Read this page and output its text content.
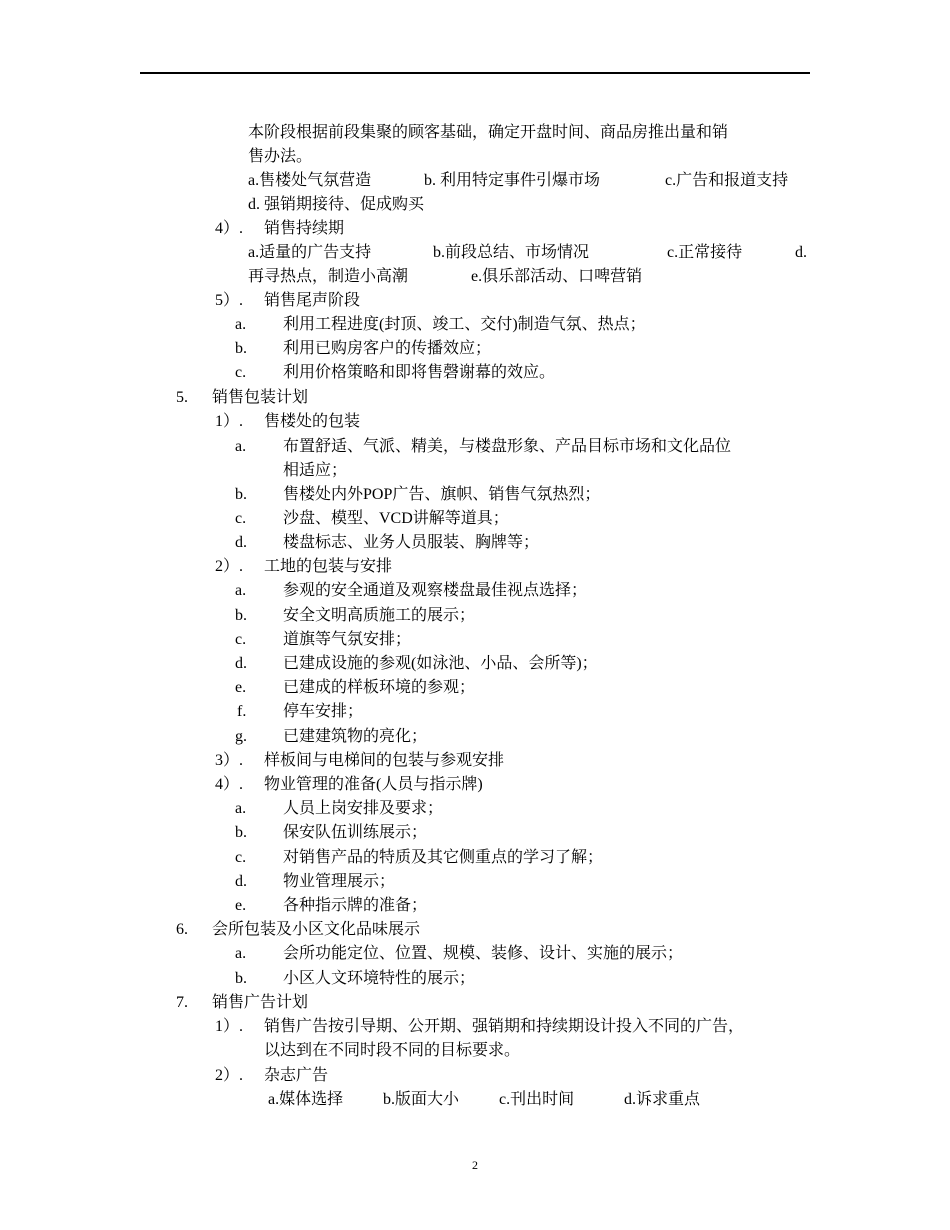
本阶段根据前段集聚的顾客基础，确定开盘时间、商品房推出量和销
售办法。
a.售楼处气氛营造	b. 利用特定事件引爆市场	c.广告和报道支持
d. 强销期接待、促成购买
4）. 销售持续期
a.适量的广告支持	b.前段总结、市场情况	c.正常接待	d.
再寻热点，制造小高潮	e.俱乐部活动、口啤营销
5）. 销售尾声阶段
a. 利用工程进度(封顶、竣工、交付)制造气氛、热点；
b. 利用已购房客户的传播效应；
c. 利用价格策略和即将售磬谢幕的效应。
5. 销售包装计划
1）. 售楼处的包装
a. 布置舒适、气派、精美，与楼盘形象、产品目标市场和文化品位
相适应；
b. 售楼处内外POP广告、旗帜、销售气氛热烈；
c. 沙盘、模型、VCD讲解等道具；
d. 楼盘标志、业务人员服装、胸牌等；
2）. 工地的包装与安排
a. 参观的安全通道及观察楼盘最佳视点选择；
b. 安全文明高质施工的展示；
c. 道旗等气氛安排；
d. 已建成设施的参观(如泳池、小品、会所等)；
e. 已建成的样板环境的参观；
f. 停车安排；
g. 已建建筑物的亮化；
3）. 样板间与电梯间的包装与参观安排
4）. 物业管理的准备(人员与指示牌)
a. 人员上岗安排及要求；
b. 保安队伍训练展示；
c. 对销售产品的特质及其它侧重点的学习了解；
d. 物业管理展示；
e. 各种指示牌的准备；
6. 会所包装及小区文化品味展示
a. 会所功能定位、位置、规模、装修、设计、实施的展示；
b. 小区人文环境特性的展示；
7. 销售广告计划
1）. 销售广告按引导期、公开期、强销期和持续期设计投入不同的广告，
以达到在不同时段不同的目标要求。
2）. 杂志广告
a.媒体选择 b.版面大小 c.刊出时间	d.诉求重点
2
